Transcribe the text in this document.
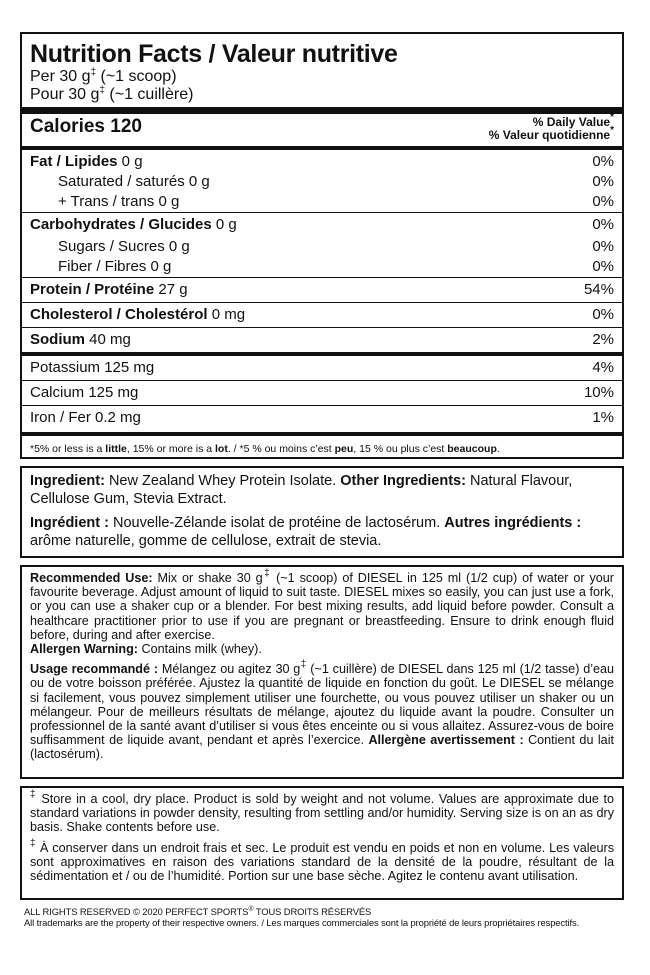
Nutrition Facts / Valeur nutritive
Per 30 g‡ (~1 scoop)
Pour 30 g‡ (~1 cuillère)
Calories 120	% Daily Value*
% Valeur quotidienne*
Fat / Lipides 0 g	0%
Saturated / saturés 0 g	0%
+ Trans / trans 0 g	0%
Carbohydrates / Glucides 0 g	0%
Sugars / Sucres 0 g	0%
Fiber / Fibres 0 g	0%
Protein / Protéine 27 g	54%
Cholesterol / Cholestérol 0 mg	0%
Sodium 40 mg	2%
Potassium 125 mg	4%
Calcium 125 mg	10%
Iron / Fer 0.2 mg	1%
*5% or less is a little, 15% or more is a lot. / *5 % ou moins c’est peu, 15 % ou plus c’est beaucoup.
Ingredient: New Zealand Whey Protein Isolate. Other Ingredients: Natural Flavour, Cellulose Gum, Stevia Extract.
Ingrédient : Nouvelle-Zélande isolat de protéine de lactosérum. Autres ingrédients : arôme naturelle, gomme de cellulose, extrait de stevia.
Recommended Use: Mix or shake 30 g‡ (~1 scoop) of DIESEL in 125 ml (1/2 cup) of water or your favourite beverage. Adjust amount of liquid to suit taste. DIESEL mixes so easily, you can just use a fork, or you can use a shaker cup or a blender. For best mixing results, add liquid before powder. Consult a healthcare practitioner prior to use if you are pregnant or breastfeeding. Ensure to drink enough fluid before, during and after exercise.
Allergen Warning: Contains milk (whey).
Usage recommandé : Mélangez ou agitez 30 g‡ (~1 cuillère) de DIESEL dans 125 ml (1/2 tasse) d’eau ou de votre boisson préférée. Ajustez la quantité de liquide en fonction du goût. Le DIESEL se mélange si facilement, vous pouvez simplement utiliser une fourchette, ou vous pouvez utiliser un shaker ou un mélangeur. Pour de meilleurs résultats de mélange, ajoutez du liquide avant la poudre. Consulter un professionnel de la santé avant d’utiliser si vous êtes enceinte ou si vous allaitez. Assurez-vous de boire suffisamment de liquide avant, pendant et après l’exercice. Allergène avertissement : Contient du lait (lactosérum).
‡ Store in a cool, dry place. Product is sold by weight and not volume. Values are approximate due to standard variations in powder density, resulting from settling and/or humidity. Serving size is on an as dry basis. Shake contents before use.
‡ À conserver dans un endroit frais et sec. Le produit est vendu en poids et non en volume. Les valeurs sont approximatives en raison des variations standard de la densité de la poudre, résultant de la sédimentation et / ou de l’humidité. Portion sur une base sèche. Agitez le contenu avant utilisation.
ALL RIGHTS RESERVED © 2020 PERFECT SPORTS® TOUS DROITS RÉSERVÉS
All trademarks are the property of their respective owners. / Les marques commerciales sont la propriété de leurs propriétaires respectifs.
